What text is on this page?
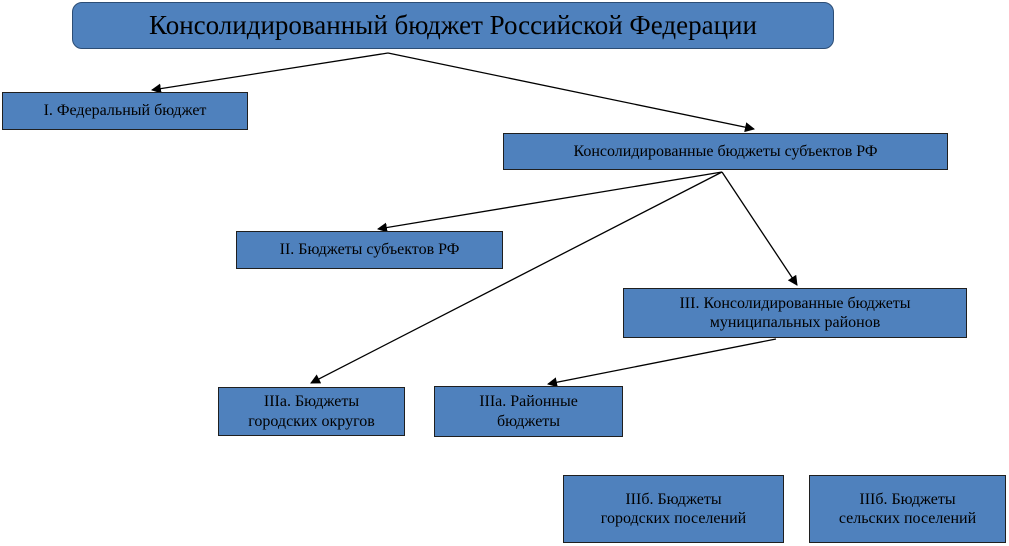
Консолидированный бюджет Российской Федерации
I. Федеральный бюджет
Консолидированные бюджеты субъектов РФ
II. Бюджеты субъектов РФ
III. Консолидированные бюджеты
муниципальных районов
IIIа. Бюджеты
городских округов
IIIа. Районные
бюджеты
IIIб. Бюджеты
городских поселений
IIIб. Бюджеты
сельских поселений
